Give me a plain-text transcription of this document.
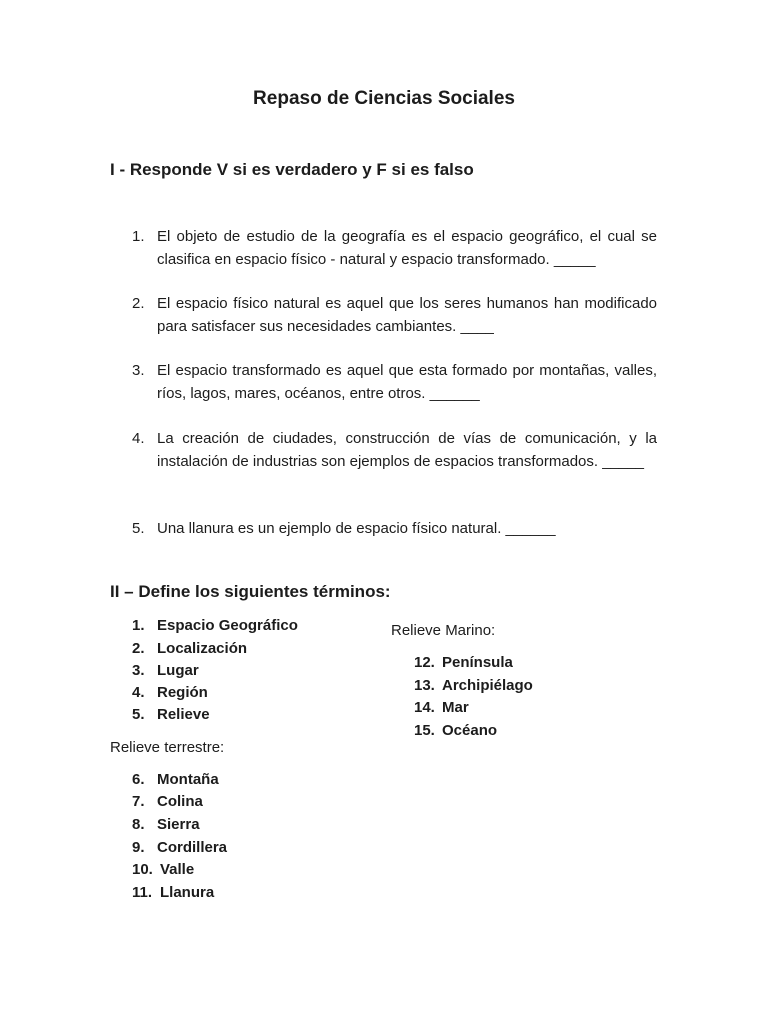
Repaso de Ciencias Sociales
I - Responde V si es verdadero y F si es falso
1. El objeto de estudio de la geografía es el espacio geográfico, el cual se clasifica en espacio físico - natural y espacio transformado. _____
2. El espacio físico natural es aquel que los seres humanos han modificado para satisfacer sus necesidades cambiantes. ____
3. El espacio transformado es aquel que esta formado por montañas, valles, ríos, lagos, mares, océanos, entre otros. ______
4. La creación de ciudades, construcción de vías de comunicación, y la instalación de industrias son ejemplos de espacios transformados. _____
5. Una llanura es un ejemplo de espacio físico natural. ______
II – Define los siguientes términos:
1. Espacio Geográfico
2. Localización
3. Lugar
4. Región
5. Relieve
Relieve terrestre:
6. Montaña
7. Colina
8. Sierra
9. Cordillera
10. Valle
11. Llanura
Relieve Marino:
12. Península
13. Archipiélago
14. Mar
15. Océano
